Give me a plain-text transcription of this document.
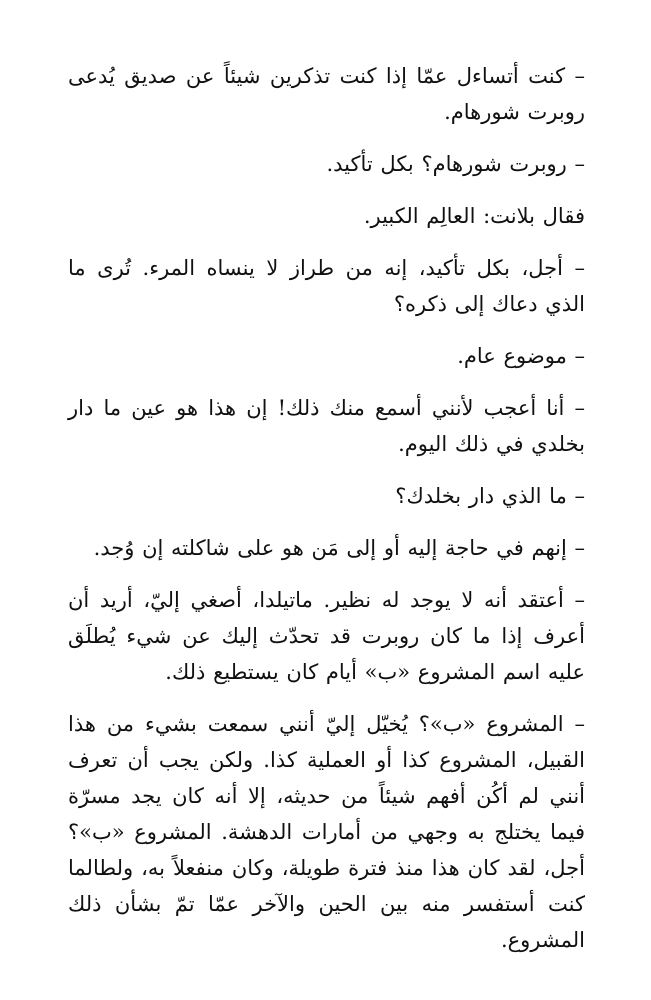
– كنت أتساءل عمّا إذا كنت تذكرين شيئاً عن صديق يُدعى روبرت شورهام.

– روبرت شورهام؟ بكل تأكيد.

فقال بلانت: العالِم الكبير.

– أجل، بكل تأكيد، إنه من طراز لا ينساه المرء. تُرى ما الذي دعاك إلى ذكره؟

– موضوع عام.

– أنا أعجب لأنني أسمع منك ذلك! إن هذا هو عين ما دار بخلدي في ذلك اليوم.

– ما الذي دار بخلدك؟

– إنهم في حاجة إليه أو إلى مَن هو على شاكلته إن وُجد.

– أعتقد أنه لا يوجد له نظير. ماتيلدا، أصغي إليّ، أريد أن أعرف إذا ما كان روبرت قد تحدّث إليك عن شيء يُطلَق عليه اسم المشروع «ب» أيام كان يستطيع ذلك.

– المشروع «ب»؟ يُخيّل إليّ أنني سمعت بشيء من هذا القبيل، المشروع كذا أو العملية كذا. ولكن يجب أن تعرف أنني لم أكُن أفهم شيئاً من حديثه، إلا أنه كان يجد مسرّة فيما يختلج به وجهي من أمارات الدهشة. المشروع «ب»؟ أجل، لقد كان هذا منذ فترة طويلة، وكان منفعلاً به، ولطالما كنت أستفسر منه بين الحين والآخر عمّا تمّ بشأن ذلك المشروع.
